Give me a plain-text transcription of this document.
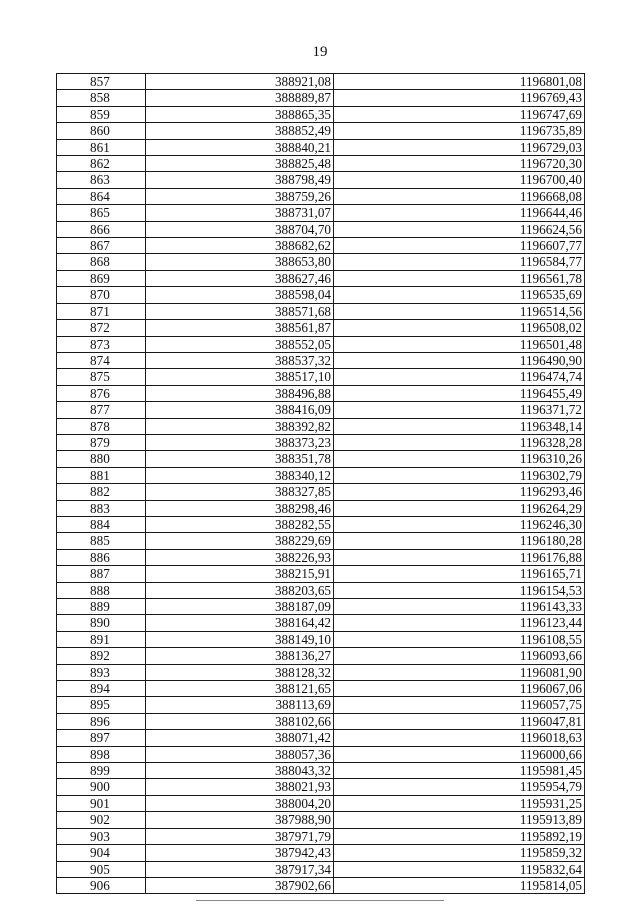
19
857	388921,08	1196801,08
858	388889,87	1196769,43
859	388865,35	1196747,69
860	388852,49	1196735,89
861	388840,21	1196729,03
862	388825,48	1196720,30
863	388798,49	1196700,40
864	388759,26	1196668,08
865	388731,07	1196644,46
866	388704,70	1196624,56
867	388682,62	1196607,77
868	388653,80	1196584,77
869	388627,46	1196561,78
870	388598,04	1196535,69
871	388571,68	1196514,56
872	388561,87	1196508,02
873	388552,05	1196501,48
874	388537,32	1196490,90
875	388517,10	1196474,74
876	388496,88	1196455,49
877	388416,09	1196371,72
878	388392,82	1196348,14
879	388373,23	1196328,28
880	388351,78	1196310,26
881	388340,12	1196302,79
882	388327,85	1196293,46
883	388298,46	1196264,29
884	388282,55	1196246,30
885	388229,69	1196180,28
886	388226,93	1196176,88
887	388215,91	1196165,71
888	388203,65	1196154,53
889	388187,09	1196143,33
890	388164,42	1196123,44
891	388149,10	1196108,55
892	388136,27	1196093,66
893	388128,32	1196081,90
894	388121,65	1196067,06
895	388113,69	1196057,75
896	388102,66	1196047,81
897	388071,42	1196018,63
898	388057,36	1196000,66
899	388043,32	1195981,45
900	388021,93	1195954,79
901	388004,20	1195931,25
902	387988,90	1195913,89
903	387971,79	1195892,19
904	387942,43	1195859,32
905	387917,34	1195832,64
906	387902,66	1195814,05
